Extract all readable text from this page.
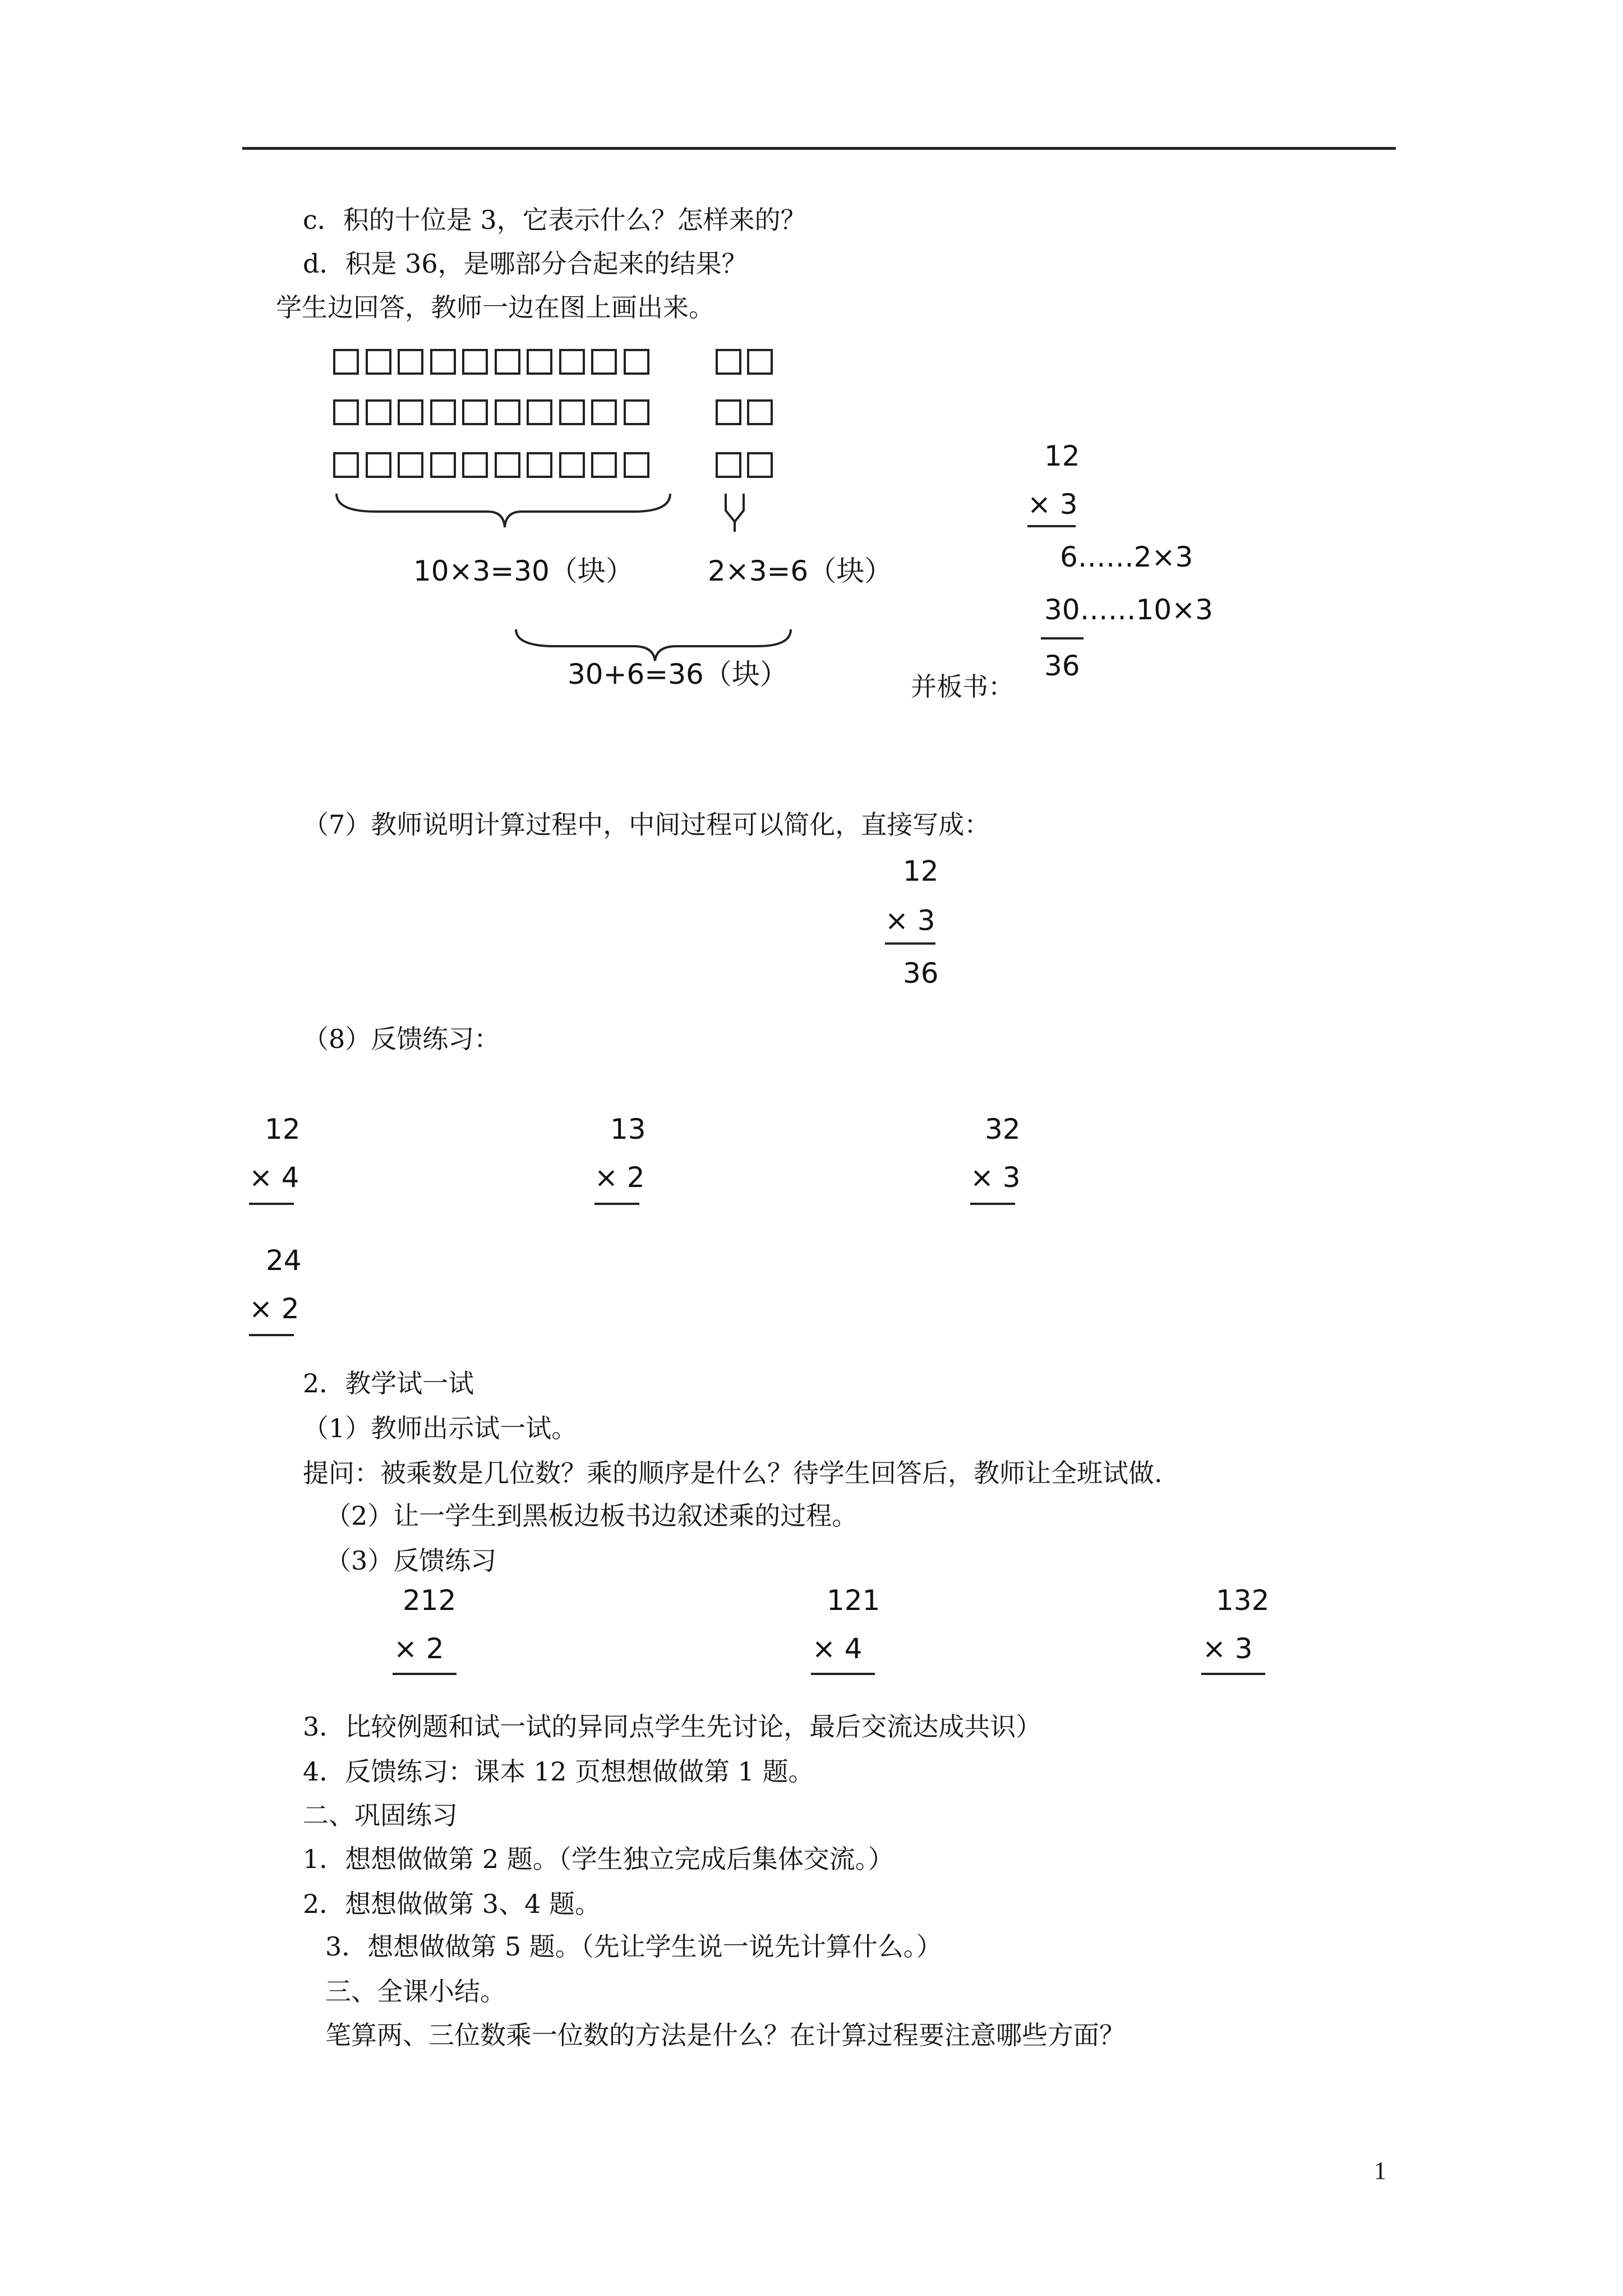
c．积的十位是 3，它表示什么？怎样来的？
d．积是 36，是哪部分合起来的结果？
学生边回答，教师一边在图上画出来。
10×3=30（块）	2×3=6（块）
30+6=36（块）	并板书：
12
× 3
6……2×3
30……10×3
36
（7）教师说明计算过程中，中间过程可以简化，直接写成：
12
× 3
36
（8）反馈练习：
12
× 4
13
× 2
32
× 3
24
× 2
2．教学试一试
（1）教师出示试一试。
提问：被乘数是几位数？乘的顺序是什么？待学生回答后，教师让全班试做.
（2）让一学生到黑板边板书边叙述乘的过程。
（3）反馈练习
212
× 2
121
× 4
132
× 3
3．比较例题和试一试的异同点学生先讨论，最后交流达成共识）
4．反馈练习：课本 12 页想想做做第 1 题。
二、巩固练习
1．想想做做第 2 题。（学生独立完成后集体交流。）
2．想想做做第 3、4 题。
3．想想做做第 5 题。（先让学生说一说先计算什么。）
三、全课小结。
笔算两、三位数乘一位数的方法是什么？在计算过程要注意哪些方面？
1
